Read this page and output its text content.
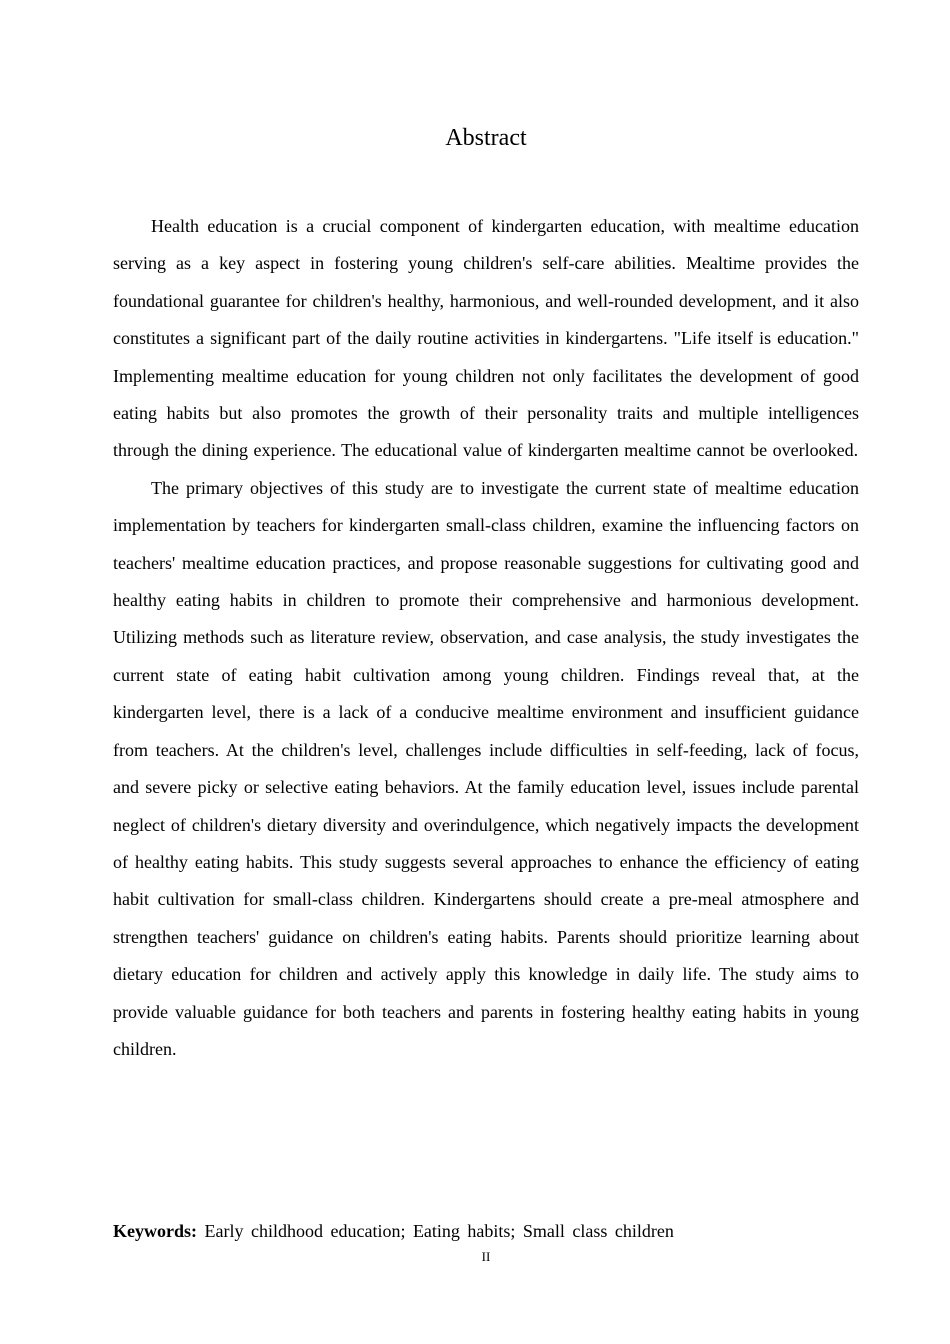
Abstract

Health education is a crucial component of kindergarten education, with mealtime education serving as a key aspect in fostering young children's self-care abilities. Mealtime provides the foundational guarantee for children's healthy, harmonious, and well-rounded development, and it also constitutes a significant part of the daily routine activities in kindergartens. "Life itself is education." Implementing mealtime education for young children not only facilitates the development of good eating habits but also promotes the growth of their personality traits and multiple intelligences through the dining experience. The educational value of kindergarten mealtime cannot be overlooked.

The primary objectives of this study are to investigate the current state of mealtime education implementation by teachers for kindergarten small-class children, examine the influencing factors on teachers' mealtime education practices, and propose reasonable suggestions for cultivating good and healthy eating habits in children to promote their comprehensive and harmonious development. Utilizing methods such as literature review, observation, and case analysis, the study investigates the current state of eating habit cultivation among young children. Findings reveal that, at the kindergarten level, there is a lack of a conducive mealtime environment and insufficient guidance from teachers. At the children's level, challenges include difficulties in self-feeding, lack of focus, and severe picky or selective eating behaviors. At the family education level, issues include parental neglect of children's dietary diversity and overindulgence, which negatively impacts the development of healthy eating habits. This study suggests several approaches to enhance the efficiency of eating habit cultivation for small-class children. Kindergartens should create a pre-meal atmosphere and strengthen teachers' guidance on children's eating habits. Parents should prioritize learning about dietary education for children and actively apply this knowledge in daily life. The study aims to provide valuable guidance for both teachers and parents in fostering healthy eating habits in young children.

Keywords: Early childhood education; Eating habits; Small class children
II
